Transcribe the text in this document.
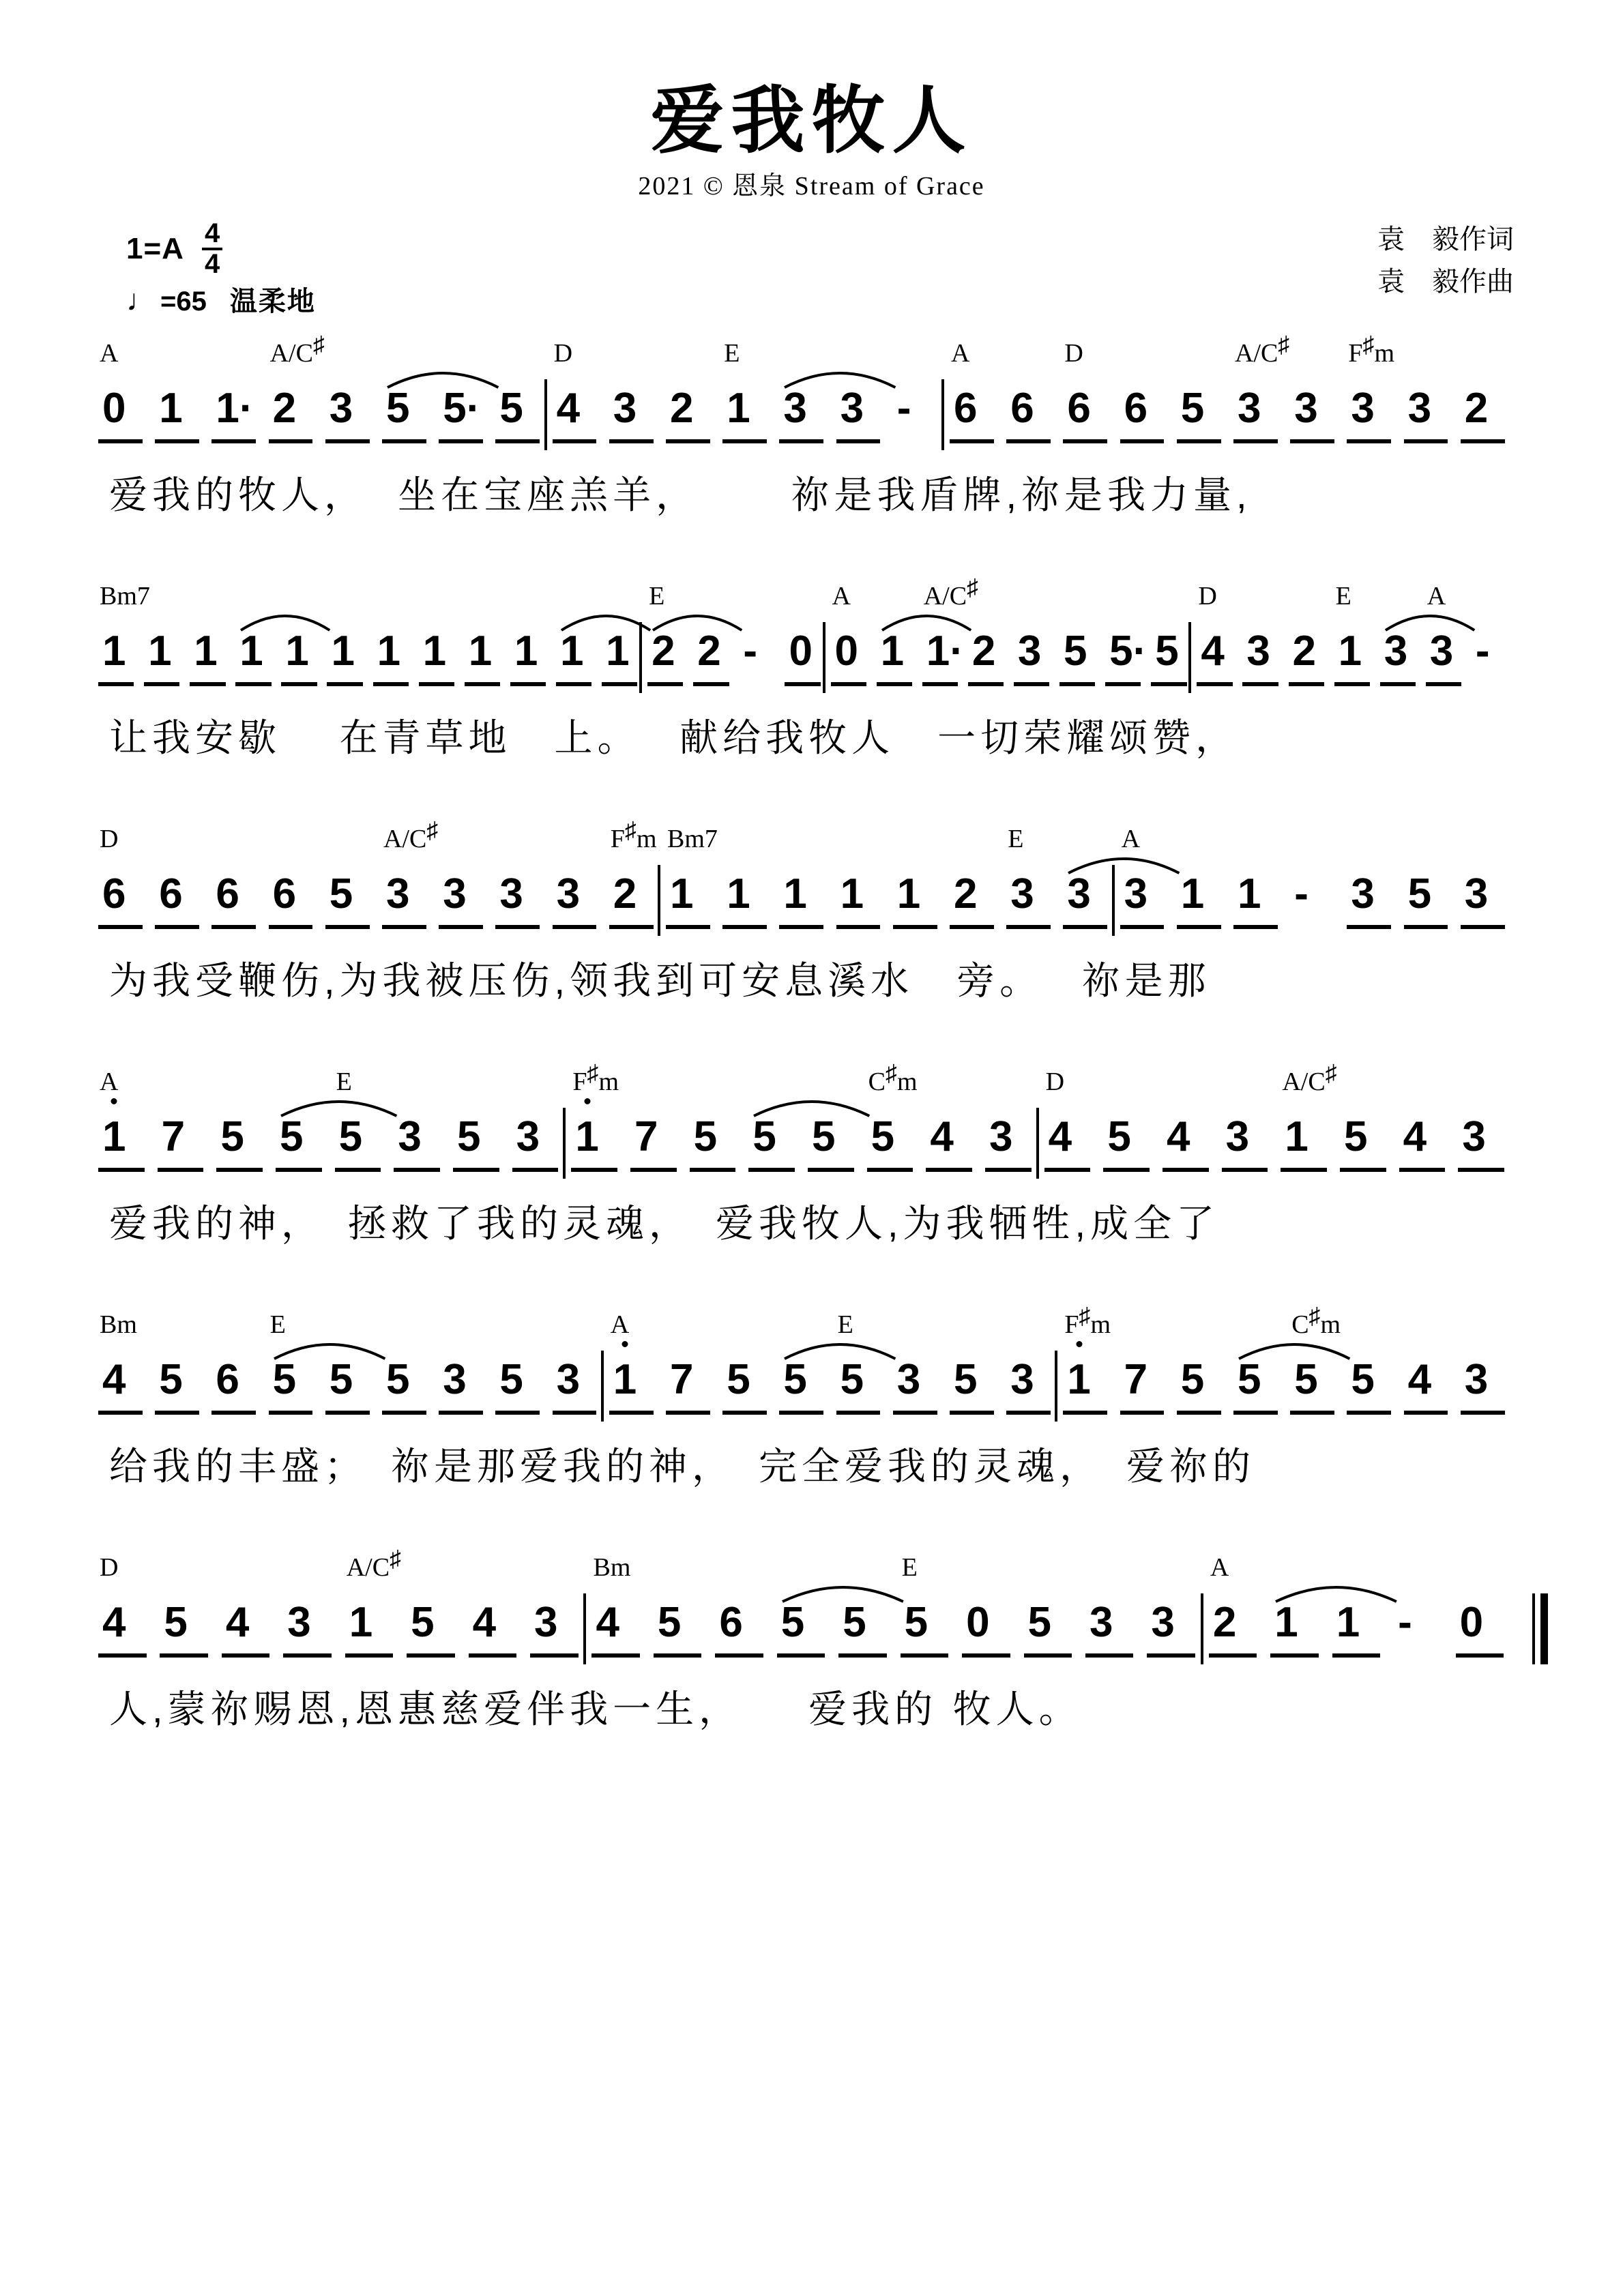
爱我牧人
2021 © 恩泉 Stream of Grace
$1=A \frac{4}{4}$
♩ =65 温柔地
袁　毅作词
袁　毅作曲
A	A/C♯	D	E	A	D	A/C♯ F♯m
0 1 1· 2 3 5 5· 5 4 3 2 1 3 3 - 6 6 6 6 5 3 3 3 3 2
爱我的牧人，  坐在宝座羔羊，      祢是我盾牌,祢是我力量,
Bm7	E	A	A/C♯	D	E	A
1 1 1 1 1 1 1 1 1 1 1 1 2 2 - 0 0 1 1· 2 3 5 5· 5 4 3 2 1 3 3 -
让我安歇　 在青草地　上。　 献给我牧人　一切荣耀颂赞，
D	A/C♯	F♯m Bm7	E	A
6 6 6 6 5 3 3 3 3 2 1 1 1 1 1 2 3 3 3 1 1 - 3 5 3
为我受鞭伤,为我被压伤,领我到可安息溪水　旁。　 祢是那
A	E	F♯m	C♯m	D	A/C♯
1 7 5 5 5 3 5 3 1 7 5 5 5 5 4 3 4 5 4 3 1 5 4 3
爱我的神，　拯救了我的灵魂，　爱我牧人,为我牺牲,成全了
Bm	E	A	E	F♯m	C♯m
4 5 6 5 5 5 3 5 3 1 7 5 5 5 3 5 3 1 7 5 5 5 5 4 3
给我的丰盛；　祢是那爱我的神，　完全爱我的灵魂，　爱祢的
D	A/C♯	Bm	E	A
4 5 4 3 1 5 4 3 4 5 6 5 5 5 0 5 3 3 2 1 1 - 0
人,蒙祢赐恩,恩惠慈爱伴我一生，　　爱我的 牧人。
